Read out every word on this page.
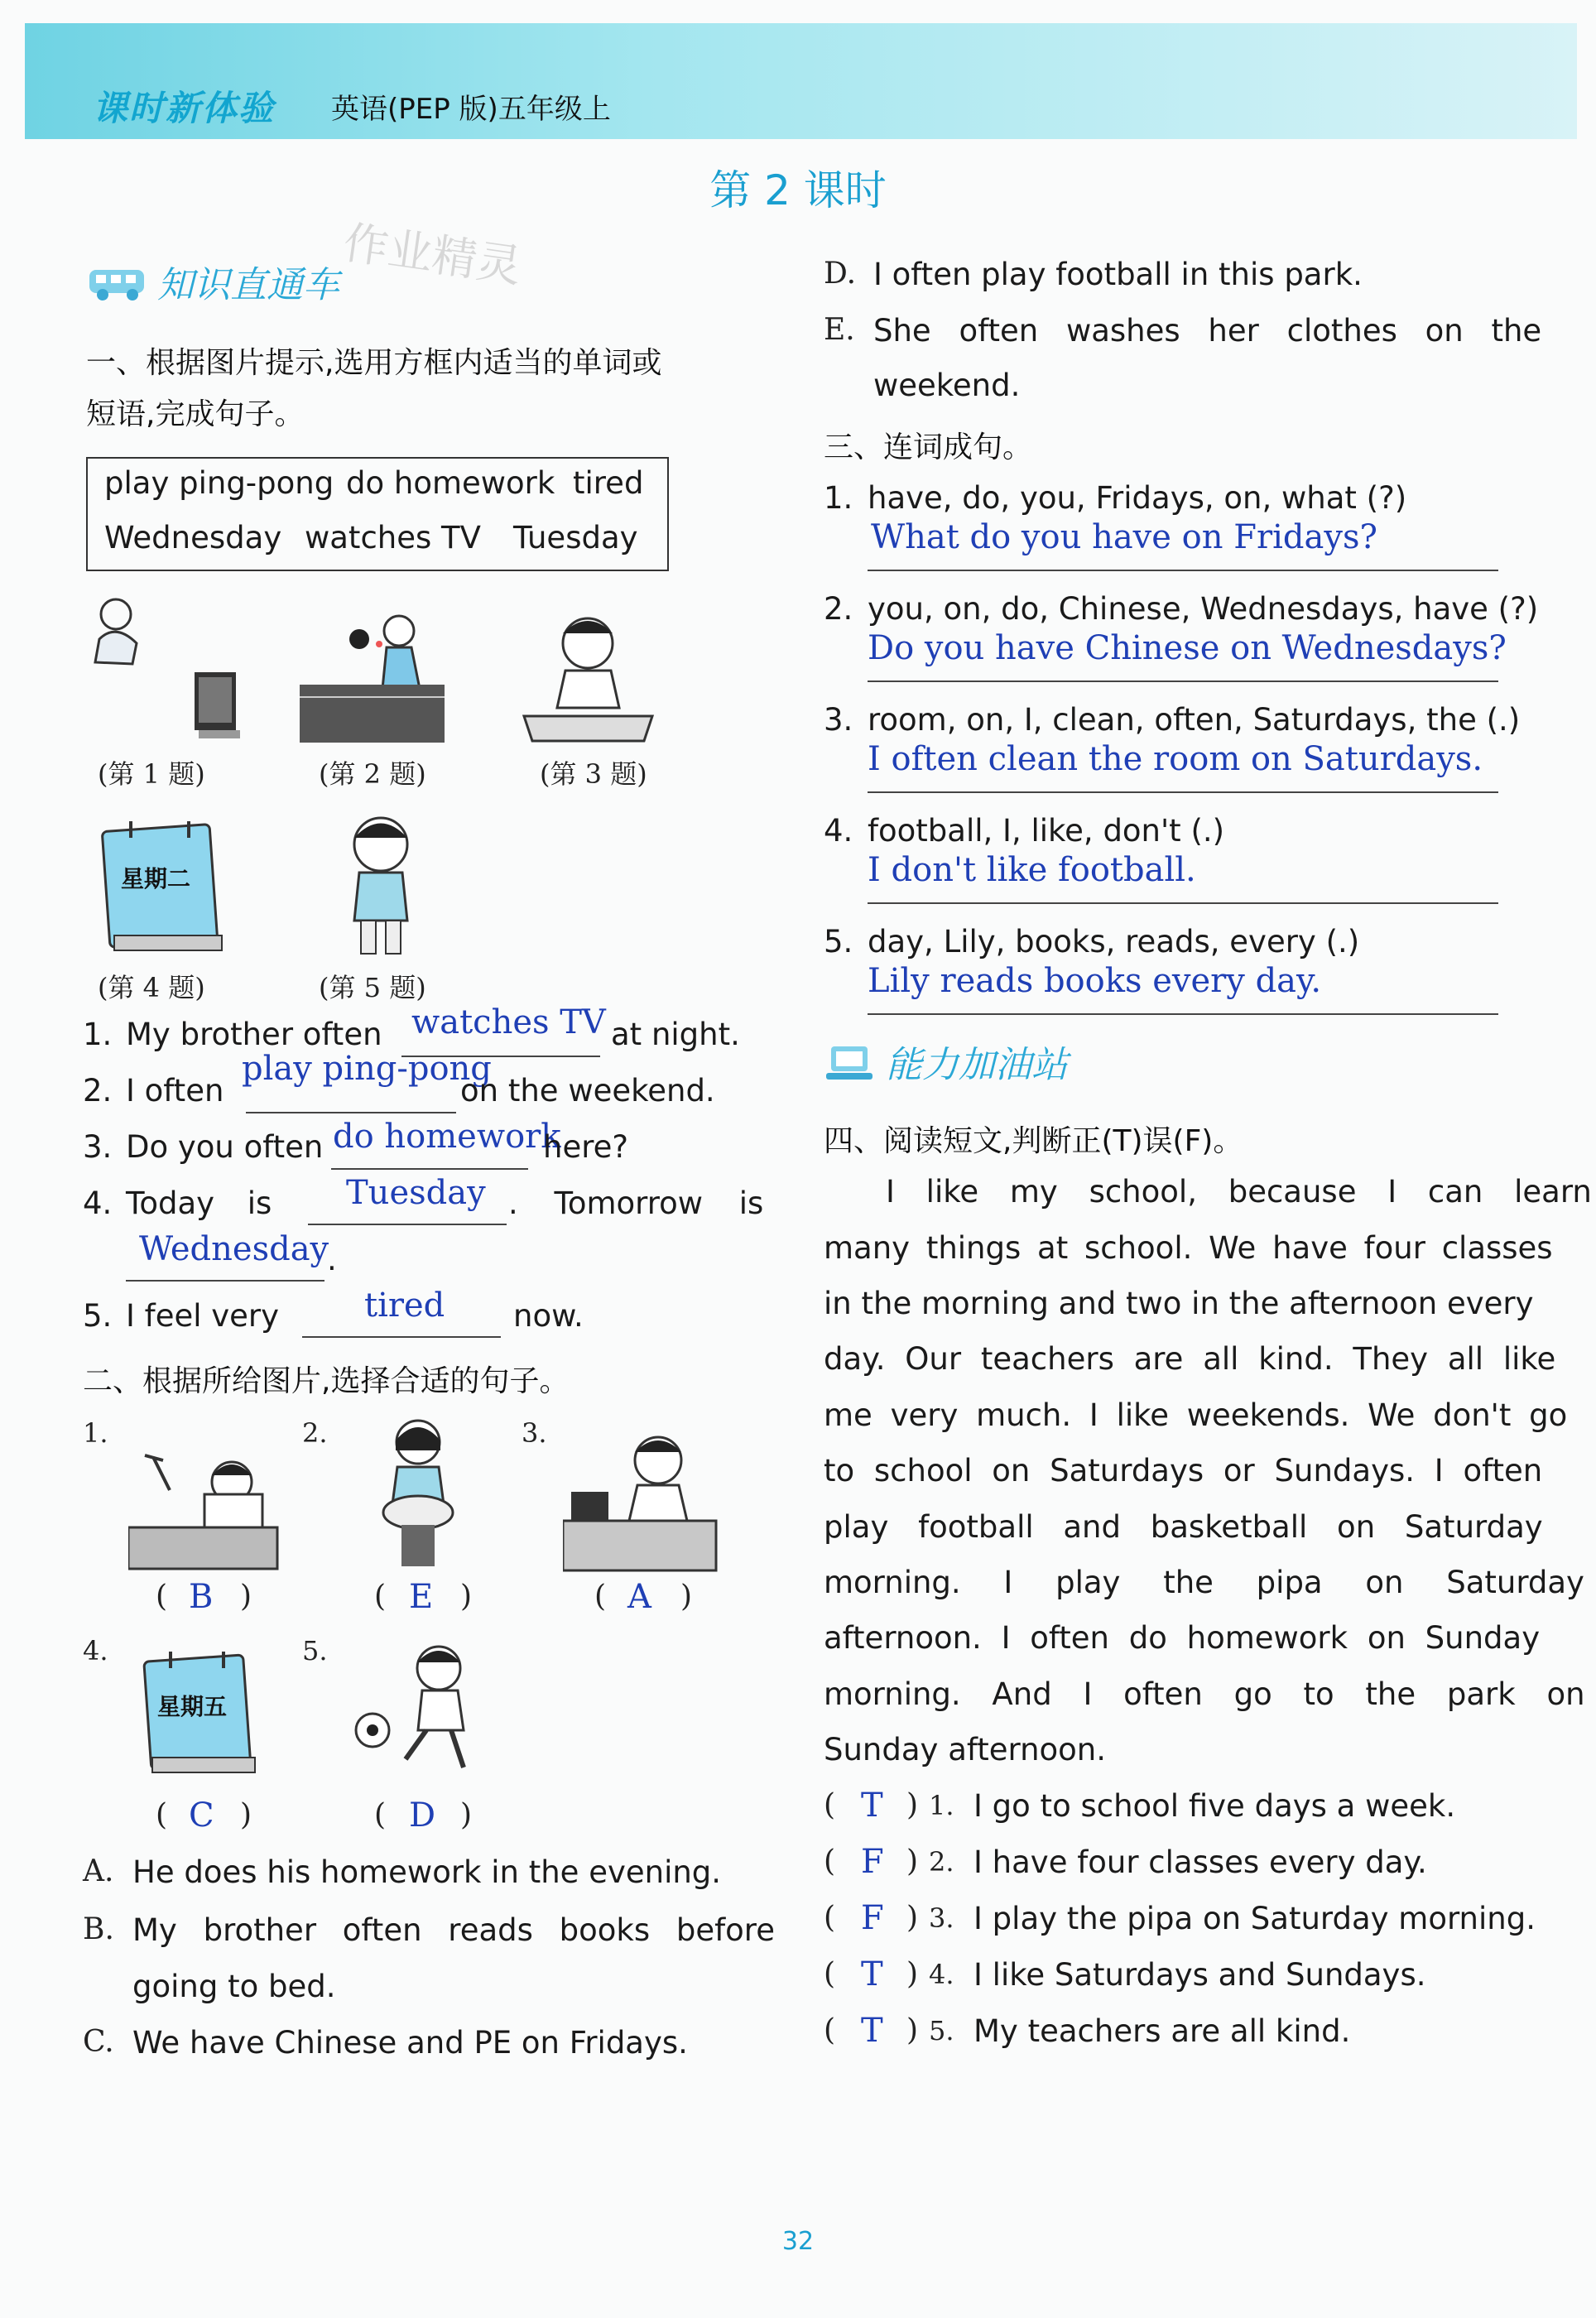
课时新体验 英语(PEP 版)五年级上
第 2 课时
知识直通车 作业精灵
一、根据图片提示,选用方框内适当的单词或
短语,完成句子。
play ping-pong do homework tired
Wednesday watches TV Tuesday
(第 1 题)	(第 2 题)	(第 3 题)
星期二
(第 4 题)	(第 5 题)
1. My brother often watches TV at night.
2. I often
play ping-pong
on the weekend.
3. Do you often do homework
here?
4. Today is Tuesday . Tomorrow is
Wednesday
.
5. I feel very	tired now.
二、根据所给图片,选择合适的句子。
1.	2.	3.
( B )	( E )	( A )
4.	5.
星期五
( C )	( D )
A. He does his homework in the evening.
B. My brother often reads books before
going to bed.
C. We have Chinese and PE on Fridays.
D. I often play football in this park.
E. She often washes her clothes on the
weekend.
三、连词成句。
1. have, do, you, Fridays, on, what (?)
What do you have on Fridays?
2. you, on, do, Chinese, Wednesdays, have (?)
Do you have Chinese on Wednesdays?
3. room, on, I, clean, often, Saturdays, the (.)
I often clean the room on Saturdays.
4. football, I, like, don't (.)
I don't like football.
5. day, Lily, books, reads, every (.)
Lily reads books every day.
能力加油站
四、阅读短文,判断正(T)误(F)。
I like my school, because I can learn
many things at school. We have four classes
in the morning and two in the afternoon every
day. Our teachers are all kind. They all like
me very much. I like weekends. We don't go
to school on Saturdays or Sundays. I often
play football and basketball on Saturday
morning. I play the pipa on Saturday
afternoon. I often do homework on Sunday
morning. And I often go to the park on
Sunday afternoon.
( T ) 1. I go to school five days a week.
( F ) 2. I have four classes every day.
( F ) 3. I play the pipa on Saturday morning.
( T ) 4. I like Saturdays and Sundays.
( T ) 5. My teachers are all kind.
32
